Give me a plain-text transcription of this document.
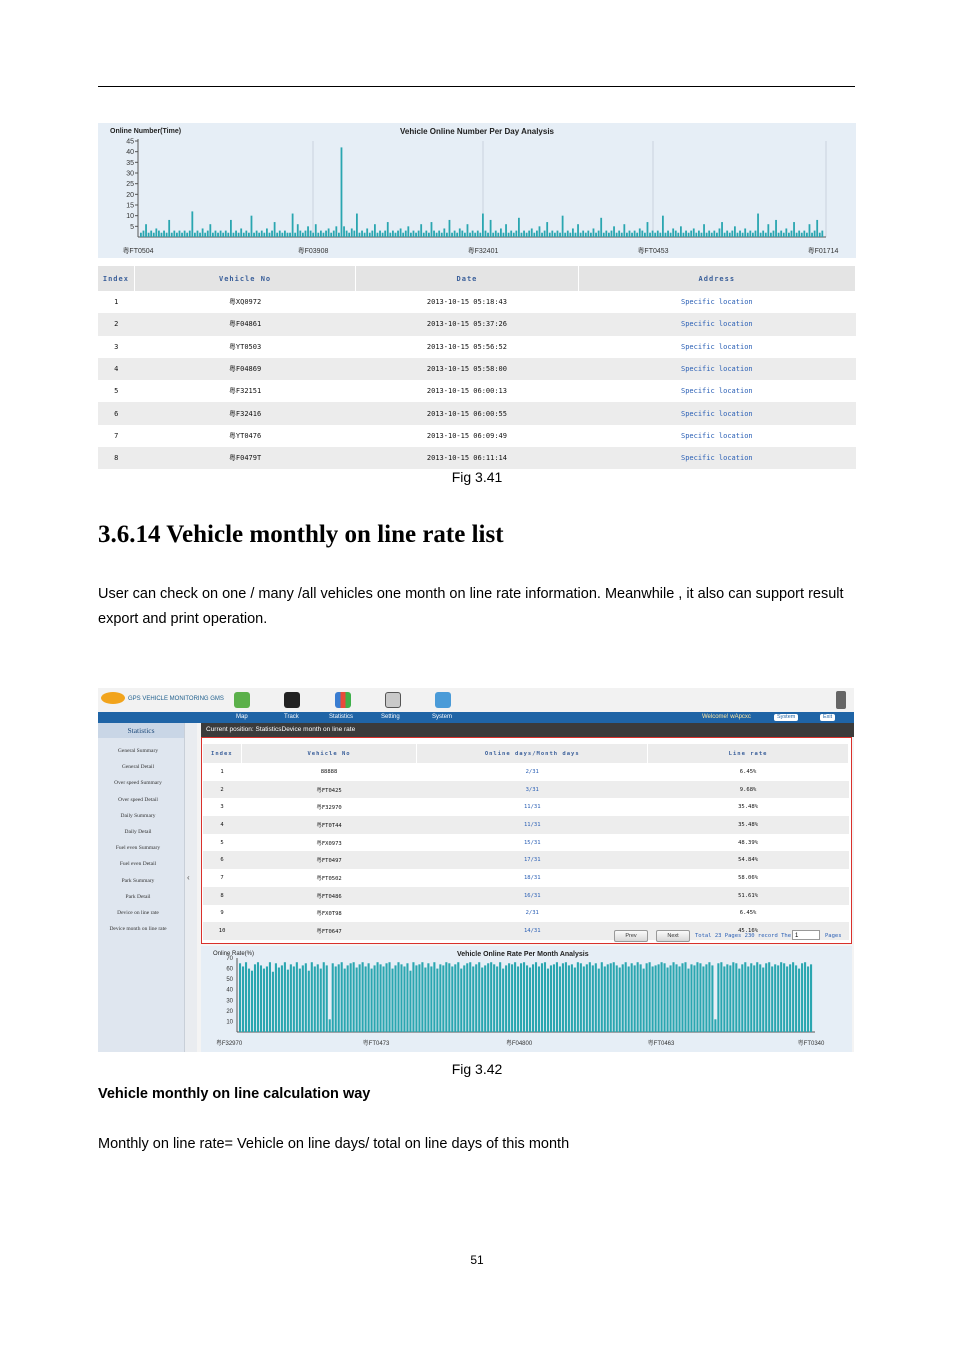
Online Number(Time)	Vehicle Online Number Per Day Analysis
45
40
35
30
25
20
15
10
5
粤FT0504	粤F03908	粤F32401	粤FT0453	粤F01714
Index	Vehicle No	Date	Address
1	粤XQ0972	2013-10-15 05:18:43	Specific location
2	粤F04861	2013-10-15 05:37:26	Specific location
3	粤YT0503	2013-10-15 05:56:52	Specific location
4	粤F04869	2013-10-15 05:58:00	Specific location
5	粤F32151	2013-10-15 06:00:13	Specific location
6	粤F32416	2013-10-15 06:00:55	Specific location
7	粤YT0476	2013-10-15 06:09:49	Specific location
8	粤F0479T	2013-10-15 06:11:14	Specific location
Fig 3.41
3.6.14 Vehicle monthly on line rate list
User can check on one / many /all vehicles one month on line rate information. Meanwhile , it also can support result export and print operation.
GPS VEHICLE MONITORING GMS
Map	Track	Statistics	Setting	System	Welcome! wApcxc	System	Exit
Statistics
General Summary
General Detail
Over speed Summary
Over speed Detail
Daily Summary
Daily Detail
Fuel even Summary
Fuel even Detail
Park Summary
Park Detail
Device on line rate
Device month on line rate
‹
Current position: StatisticsDevice month on line rate
Index	Vehicle No	Online days/Month days	Line rate
1	88888	2/31	6.45%
2	粤FT0425	3/31	9.68%
3	粤F32970	11/31	35.48%
4	粤FT0T44	11/31	35.48%
5	粤FX0973	15/31	48.39%
6	粤FT0497	17/31	54.84%
7	粤FT0502	18/31	58.06%
8	粤FT0486	16/31	51.61%
9	粤FX0T98	2/31	6.45%
10	粤FT0647	14/31	45.16%
Prev	Next	Total 23 Pages 230 record The 1	Pages
Online Rate(%)	Vehicle Online Rate Per Month Analysis
70
60
50
40
30
20
10
粤F32970	粤FT0473	粤F04800	粤FT0463	粤FT0340
Fig 3.42
Vehicle monthly on line calculation way
Monthly on line rate= Vehicle on line days/ total on line days of this month
51
